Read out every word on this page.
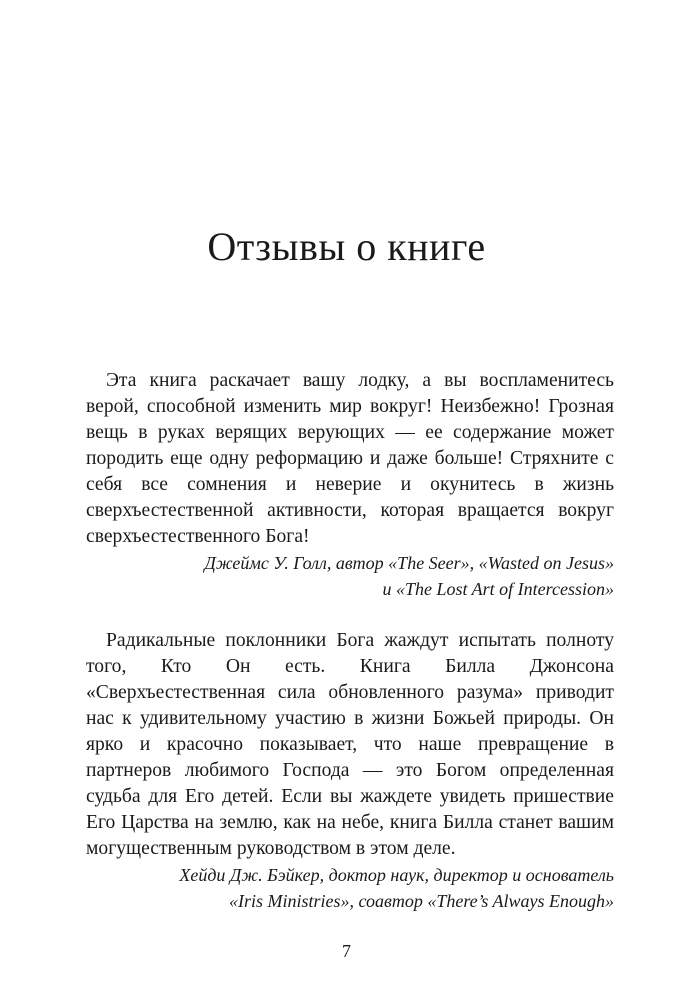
Отзывы о книге

Эта книга раскачает вашу лодку, а вы воспламенитесь верой, способной изменить мир вокруг! Неизбежно! Грозная вещь в руках верящих верующих — ее содержание может породить еще одну реформацию и даже больше! Стряхните с себя все сомнения и неверие и окунитесь в жизнь сверхъестественной активности, которая вращается вокруг сверхъестественного Бога!

Джеймс У. Голл, автор «The Seer», «Wasted on Jesus»

и «The Lost Art of Intercession»

Радикальные поклонники Бога жаждут испытать полноту того, Кто Он есть. Книга Билла Джонсона «Сверхъестественная сила обновленного разума» приводит нас к удивительному участию в жизни Божьей природы. Он ярко и красочно показывает, что наше превращение в партнеров любимого Господа — это Богом определенная судьба для Его детей. Если вы жаждете увидеть пришествие Его Царства на землю, как на небе, книга Билла станет вашим могущественным руководством в этом деле.

Хейди Дж. Бэйкер, доктор наук, директор и основатель

«Iris Ministries», соавтор «There’s Always Enough»

7
